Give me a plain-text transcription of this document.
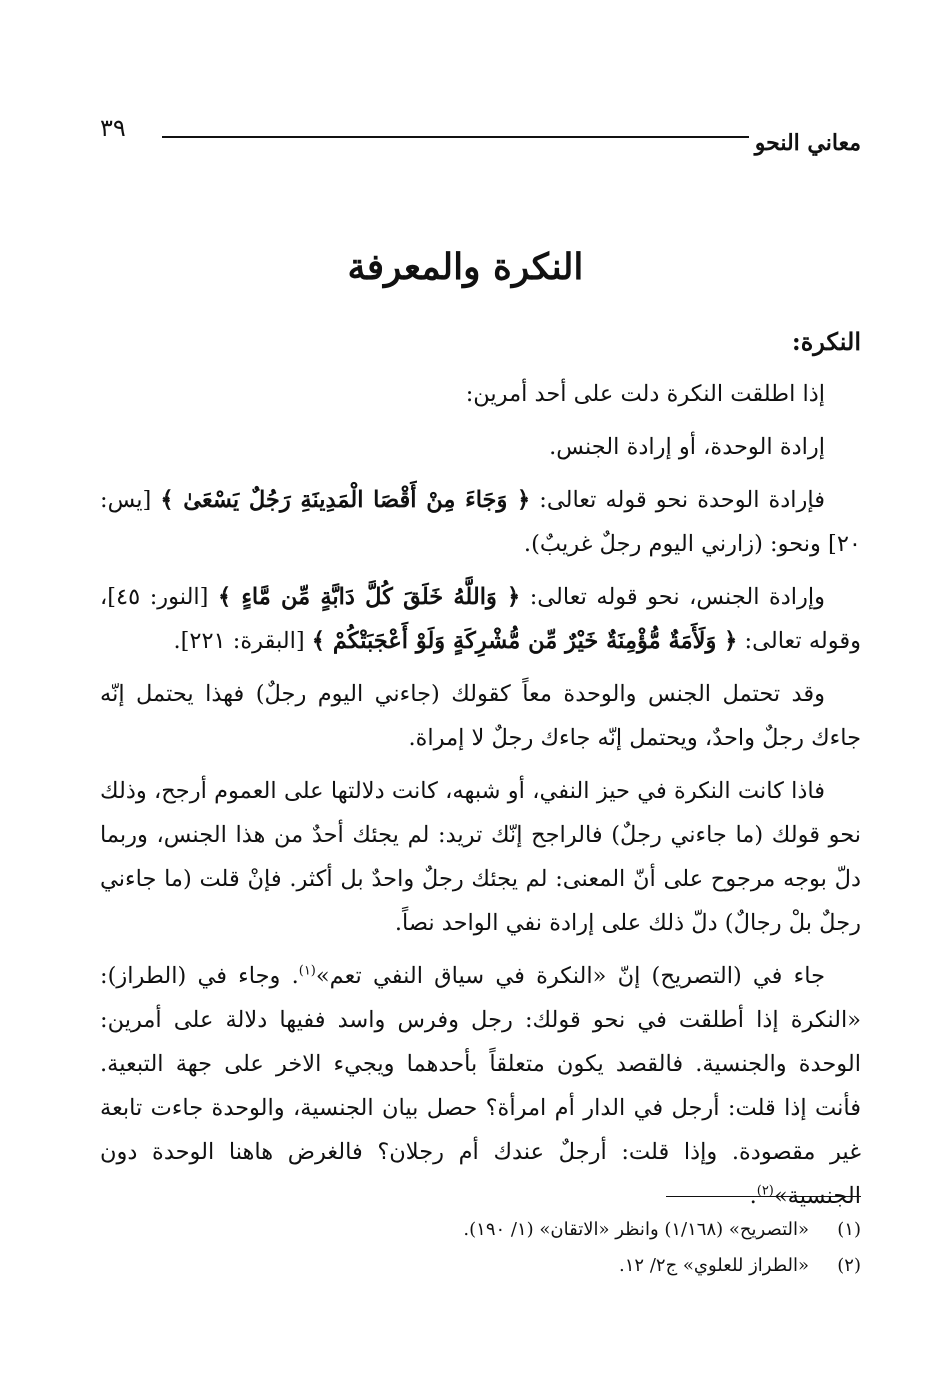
معاني النحو
٣٩
النكرة والمعرفة
النكرة:

إذا اطلقت النكرة دلت على أحد أمرين:

إرادة الوحدة، أو إرادة الجنس.

فإرادة الوحدة نحو قوله تعالى: ﴿ وَجَاءَ مِنْ أَقْصَا الْمَدِينَةِ رَجُلٌ يَسْعَىٰ ﴾ [يس: ٢٠] ونحو: (زارني اليوم رجلٌ غريبٌ).

وإرادة الجنس، نحو قوله تعالى: ﴿ وَاللَّهُ خَلَقَ كُلَّ دَابَّةٍ مِّن مَّاءٍ ﴾ [النور: ٤٥]، وقوله تعالى: ﴿ وَلَأَمَةٌ مُّؤْمِنَةٌ خَيْرٌ مِّن مُّشْرِكَةٍ وَلَوْ أَعْجَبَتْكُمْ ﴾ [البقرة: ٢٢١].

وقد تحتمل الجنس والوحدة معاً كقولك (جاءني اليوم رجلٌ) فهذا يحتمل إنّه جاءك رجلٌ واحدٌ، ويحتمل إنّه جاءك رجلٌ لا إمراة.

فاذا كانت النكرة في حيز النفي، أو شبهه، كانت دلالتها على العموم أرجح، وذلك نحو قولك (ما جاءني رجلٌ) فالراجح إنّك تريد: لم يجئك أحدٌ من هذا الجنس، وربما دلّ بوجه مرجوح على أنّ المعنى: لم يجئك رجلٌ واحدٌ بل أكثر. فإنْ قلت (ما جاءني رجلٌ بلْ رجالٌ) دلّ ذلك على إرادة نفي الواحد نصاً.

جاء في (التصريح) إنّ «النكرة في سياق النفي تعم»$^{(١)}$. وجاء في (الطراز): «النكرة إذا أطلقت في نحو قولك: رجل وفرس واسد ففيها دلالة على أمرين: الوحدة والجنسية. فالقصد يكون متعلقاً بأحدهما ويجيء الاخر على جهة التبعية. فأنت إذا قلت: أرجل في الدار أم امرأة؟ حصل بيان الجنسية، والوحدة جاءت تابعة غير مقصودة. وإذا قلت: أرجلٌ عندك أم رجلان؟ فالغرض هاهنا الوحدة دون الجنسية»$^{(٢)}$.

(١)«التصريح» (١/١٦٨) وانظر «الاتقان» (١/ ١٩٠).
(٢)«الطراز للعلوي» ج٢/ ١٢.
